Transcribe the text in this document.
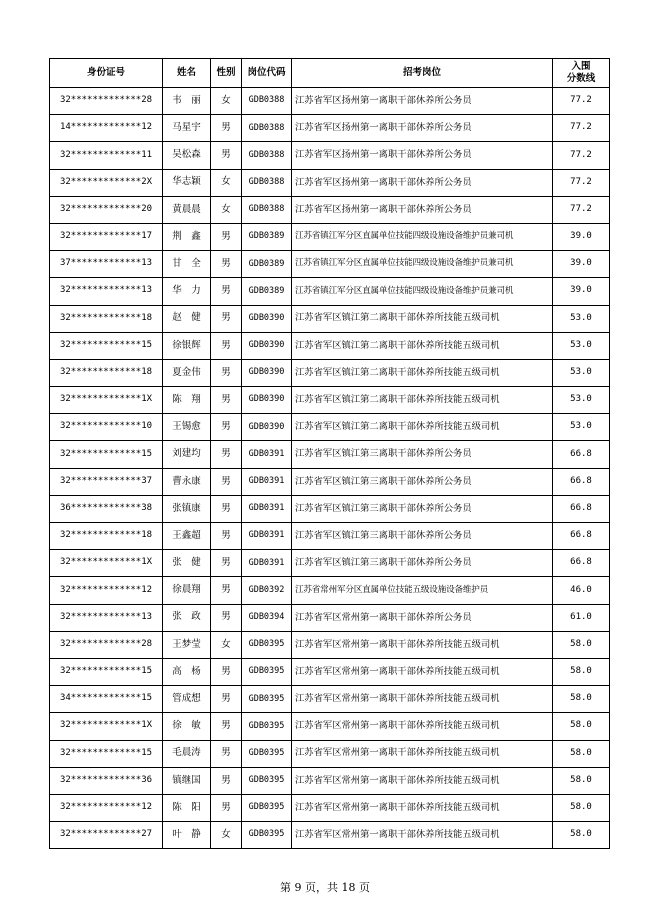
身份证号	姓名	性别	岗位代码	招考岗位	入围
分数线

32*************28	韦　丽	女	GDB0388	江苏省军区扬州第一离职干部休养所公务员	77.2
14*************12	马星宇	男	GDB0388	江苏省军区扬州第一离职干部休养所公务员	77.2
32*************11	吴松森	男	GDB0388	江苏省军区扬州第一离职干部休养所公务员	77.2
32*************2X	华志颖	女	GDB0388	江苏省军区扬州第一离职干部休养所公务员	77.2
32*************20	黄晨晨	女	GDB0388	江苏省军区扬州第一离职干部休养所公务员	77.2
32*************17	荆　鑫	男	GDB0389	江苏省镇江军分区直属单位技能四级设施设备维护员兼司机	39.0
37*************13	甘　全	男	GDB0389	江苏省镇江军分区直属单位技能四级设施设备维护员兼司机	39.0
32*************13	华　力	男	GDB0389	江苏省镇江军分区直属单位技能四级设施设备维护员兼司机	39.0
32*************18	赵　健	男	GDB0390	江苏省军区镇江第二离职干部休养所技能五级司机	53.0
32*************15	徐银辉	男	GDB0390	江苏省军区镇江第二离职干部休养所技能五级司机	53.0
32*************18	夏金伟	男	GDB0390	江苏省军区镇江第二离职干部休养所技能五级司机	53.0
32*************1X	陈　翔	男	GDB0390	江苏省军区镇江第二离职干部休养所技能五级司机	53.0
32*************10	王锡愈	男	GDB0390	江苏省军区镇江第二离职干部休养所技能五级司机	53.0
32*************15	刘建均	男	GDB0391	江苏省军区镇江第三离职干部休养所公务员	66.8
32*************37	曹永康	男	GDB0391	江苏省军区镇江第三离职干部休养所公务员	66.8
36*************38	张镇康	男	GDB0391	江苏省军区镇江第三离职干部休养所公务员	66.8
32*************18	王鑫超	男	GDB0391	江苏省军区镇江第三离职干部休养所公务员	66.8
32*************1X	张　健	男	GDB0391	江苏省军区镇江第三离职干部休养所公务员	66.8
32*************12	徐晨翔	男	GDB0392	江苏省常州军分区直属单位技能五级设施设备维护员	46.0
32*************13	张　政	男	GDB0394	江苏省军区常州第一离职干部休养所公务员	61.0
32*************28	王梦莹	女	GDB0395	江苏省军区常州第一离职干部休养所技能五级司机	58.0
32*************15	高　杨	男	GDB0395	江苏省军区常州第一离职干部休养所技能五级司机	58.0
34*************15	管成想	男	GDB0395	江苏省军区常州第一离职干部休养所技能五级司机	58.0
32*************1X	徐　敏	男	GDB0395	江苏省军区常州第一离职干部休养所技能五级司机	58.0
32*************15	毛晨涛	男	GDB0395	江苏省军区常州第一离职干部休养所技能五级司机	58.0
32*************36	镇继国	男	GDB0395	江苏省军区常州第一离职干部休养所技能五级司机	58.0
32*************12	陈　阳	男	GDB0395	江苏省军区常州第一离职干部休养所技能五级司机	58.0
32*************27	叶　静	女	GDB0395	江苏省军区常州第一离职干部休养所技能五级司机	58.0
第 9 页，共 18 页
